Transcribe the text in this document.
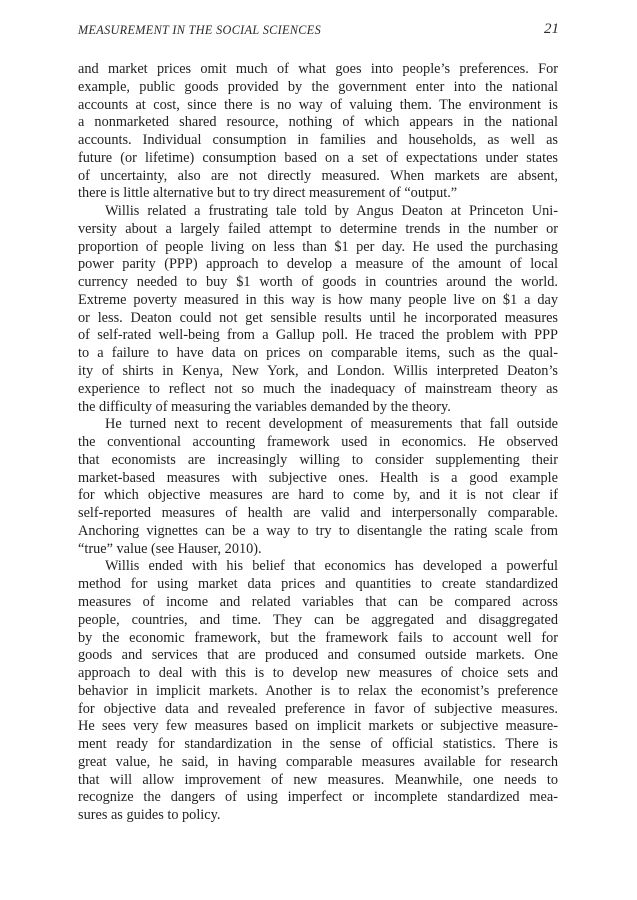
MEASUREMENT IN THE SOCIAL SCIENCES	21

and market prices omit much of what goes into people’s preferences. For
example, public goods provided by the government enter into the national
accounts at cost, since there is no way of valuing them. The environment is
a nonmarketed shared resource, nothing of which appears in the national
accounts. Individual consumption in families and households, as well as
future (or lifetime) consumption based on a set of expectations under states
of uncertainty, also are not directly measured. When markets are absent,
there is little alternative but to try direct measurement of “output.”

Willis related a frustrating tale told by Angus Deaton at Princeton Uni-
versity about a largely failed attempt to determine trends in the number or
proportion of people living on less than $1 per day. He used the purchasing
power parity (PPP) approach to develop a measure of the amount of local
currency needed to buy $1 worth of goods in countries around the world.
Extreme poverty measured in this way is how many people live on $1 a day
or less. Deaton could not get sensible results until he incorporated measures
of self-rated well-being from a Gallup poll. He traced the problem with PPP
to a failure to have data on prices on comparable items, such as the qual-
ity of shirts in Kenya, New York, and London. Willis interpreted Deaton’s
experience to reflect not so much the inadequacy of mainstream theory as
the difficulty of measuring the variables demanded by the theory.

He turned next to recent development of measurements that fall outside
the conventional accounting framework used in economics. He observed
that economists are increasingly willing to consider supplementing their
market-based measures with subjective ones. Health is a good example
for which objective measures are hard to come by, and it is not clear if
self-reported measures of health are valid and interpersonally comparable.
Anchoring vignettes can be a way to try to disentangle the rating scale from
“true” value (see Hauser, 2010).

Willis ended with his belief that economics has developed a powerful
method for using market data prices and quantities to create standardized
measures of income and related variables that can be compared across
people, countries, and time. They can be aggregated and disaggregated
by the economic framework, but the framework fails to account well for
goods and services that are produced and consumed outside markets. One
approach to deal with this is to develop new measures of choice sets and
behavior in implicit markets. Another is to relax the economist’s preference
for objective data and revealed preference in favor of subjective measures.
He sees very few measures based on implicit markets or subjective measure-
ment ready for standardization in the sense of official statistics. There is
great value, he said, in having comparable measures available for research
that will allow improvement of new measures. Meanwhile, one needs to
recognize the dangers of using imperfect or incomplete standardized mea-
sures as guides to policy.
